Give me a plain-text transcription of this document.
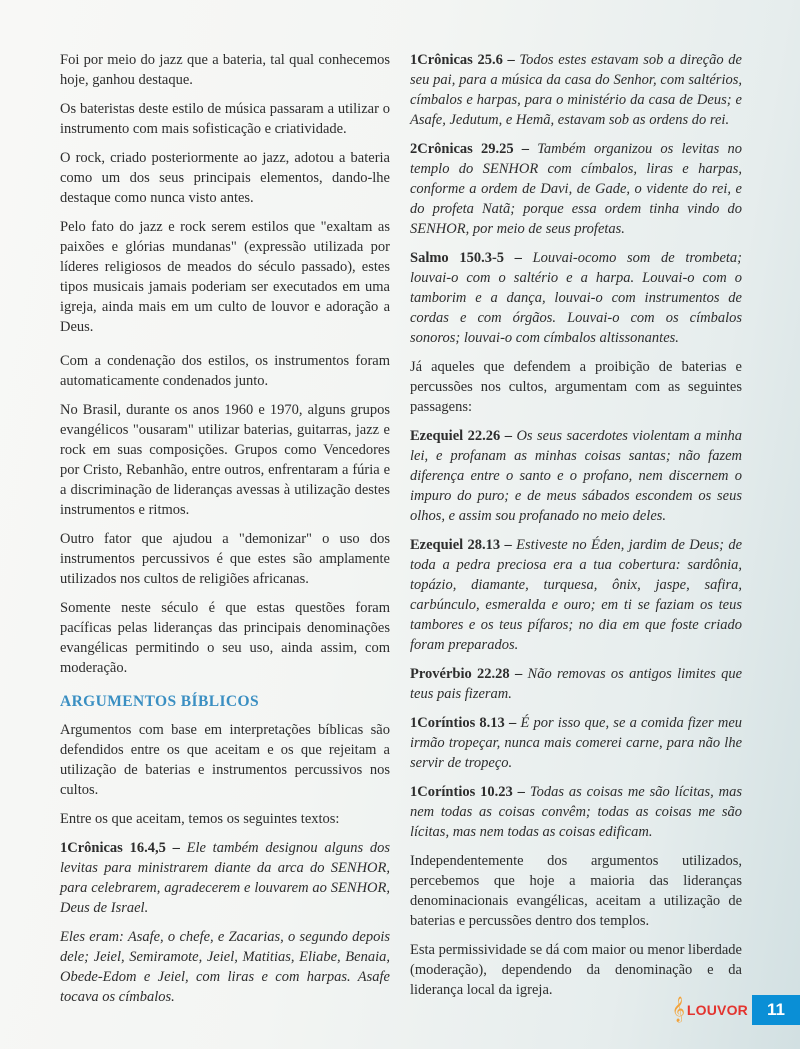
Foi por meio do jazz que a bateria, tal qual conhecemos hoje, ganhou destaque.

Os bateristas deste estilo de música passaram a utilizar o instrumento com mais sofisticação e criatividade.

O rock, criado posteriormente ao jazz, adotou a bateria como um dos seus principais elementos, dando-lhe destaque como nunca visto antes.

Pelo fato do jazz e rock serem estilos que "exaltam as paixões e glórias mundanas" (expressão utilizada por líderes religiosos de meados do século passado), estes tipos musicais jamais poderiam ser executados em uma igreja, ainda mais em um culto de louvor e adoração a Deus.

Com a condenação dos estilos, os instrumentos foram automaticamente condenados junto.

No Brasil, durante os anos 1960 e 1970, alguns grupos evangélicos "ousaram" utilizar baterias, guitarras, jazz e rock em suas composições. Grupos como Vencedores por Cristo, Rebanhão, entre outros, enfrentaram a fúria e a discriminação de lideranças avessas à utilização destes instrumentos e ritmos.

Outro fator que ajudou a "demonizar" o uso dos instrumentos percussivos é que estes são amplamente utilizados nos cultos de religiões africanas.

Somente neste século é que estas questões foram pacíficas pelas lideranças das principais denominações evangélicas permitindo o seu uso, ainda assim, com moderação.

ARGUMENTOS BÍBLICOS

Argumentos com base em interpretações bíblicas são defendidos entre os que aceitam e os que rejeitam a utilização de baterias e instrumentos percussivos nos cultos.

Entre os que aceitam, temos os seguintes textos:

1Crônicas 16.4,5 – Ele também designou alguns dos levitas para ministrarem diante da arca do SENHOR, para celebrarem, agradecerem e louvarem ao SENHOR, Deus de Israel.

Eles eram: Asafe, o chefe, e Zacarias, o segundo depois dele; Jeiel, Semiramote, Jeiel, Matitias, Eliabe, Benaia, Obede-Edom e Jeiel, com liras e com harpas. Asafe tocava os címbalos.

1Crônicas 25.6 – Todos estes estavam sob a direção de seu pai, para a música da casa do Senhor, com saltérios, címbalos e harpas, para o ministério da casa de Deus; e Asafe, Jedutum, e Hemã, estavam sob as ordens do rei.

2Crônicas 29.25 – Também organizou os levitas no templo do SENHOR com címbalos, liras e harpas, conforme a ordem de Davi, de Gade, o vidente do rei, e do profeta Natã; porque essa ordem tinha vindo do SENHOR, por meio de seus profetas.

Salmo 150.3-5 – Louvai-ocomo som de trombeta; louvai-o com o saltério e a harpa. Louvai-o com o tamborim e a dança, louvai-o com instrumentos de cordas e com órgãos. Louvai-o com os címbalos sonoros; louvai-o com címbalos altissonantes.

Já aqueles que defendem a proibição de baterias e percussões nos cultos, argumentam com as seguintes passagens:

Ezequiel 22.26 – Os seus sacerdotes violentam a minha lei, e profanam as minhas coisas santas; não fazem diferença entre o santo e o profano, nem discernem o impuro do puro; e de meus sábados escondem os seus olhos, e assim sou profanado no meio deles.

Ezequiel 28.13 – Estiveste no Éden, jardim de Deus; de toda a pedra preciosa era a tua cobertura: sardônia, topázio, diamante, turquesa, ônix, jaspe, safira, carbúnculo, esmeralda e ouro; em ti se faziam os teus tambores e os teus pífaros; no dia em que foste criado foram preparados.

Provérbio 22.28 – Não removas os antigos limites que teus pais fizeram.

1Coríntios 8.13 – É por isso que, se a comida fizer meu irmão tropeçar, nunca mais comerei carne, para não lhe servir de tropeço.

1Coríntios 10.23 – Todas as coisas me são lícitas, mas nem todas as coisas convêm; todas as coisas me são lícitas, mas nem todas as coisas edificam.

Independentemente dos argumentos utilizados, percebemos que hoje a maioria das lideranças denominacionais evangélicas, aceitam a utilização de baterias e percussões dentro dos templos.

Esta permissividade se dá com maior ou menor liberdade (moderação), dependendo da denominação e da liderança local da igreja.

𝄞 LOUVOR	11
